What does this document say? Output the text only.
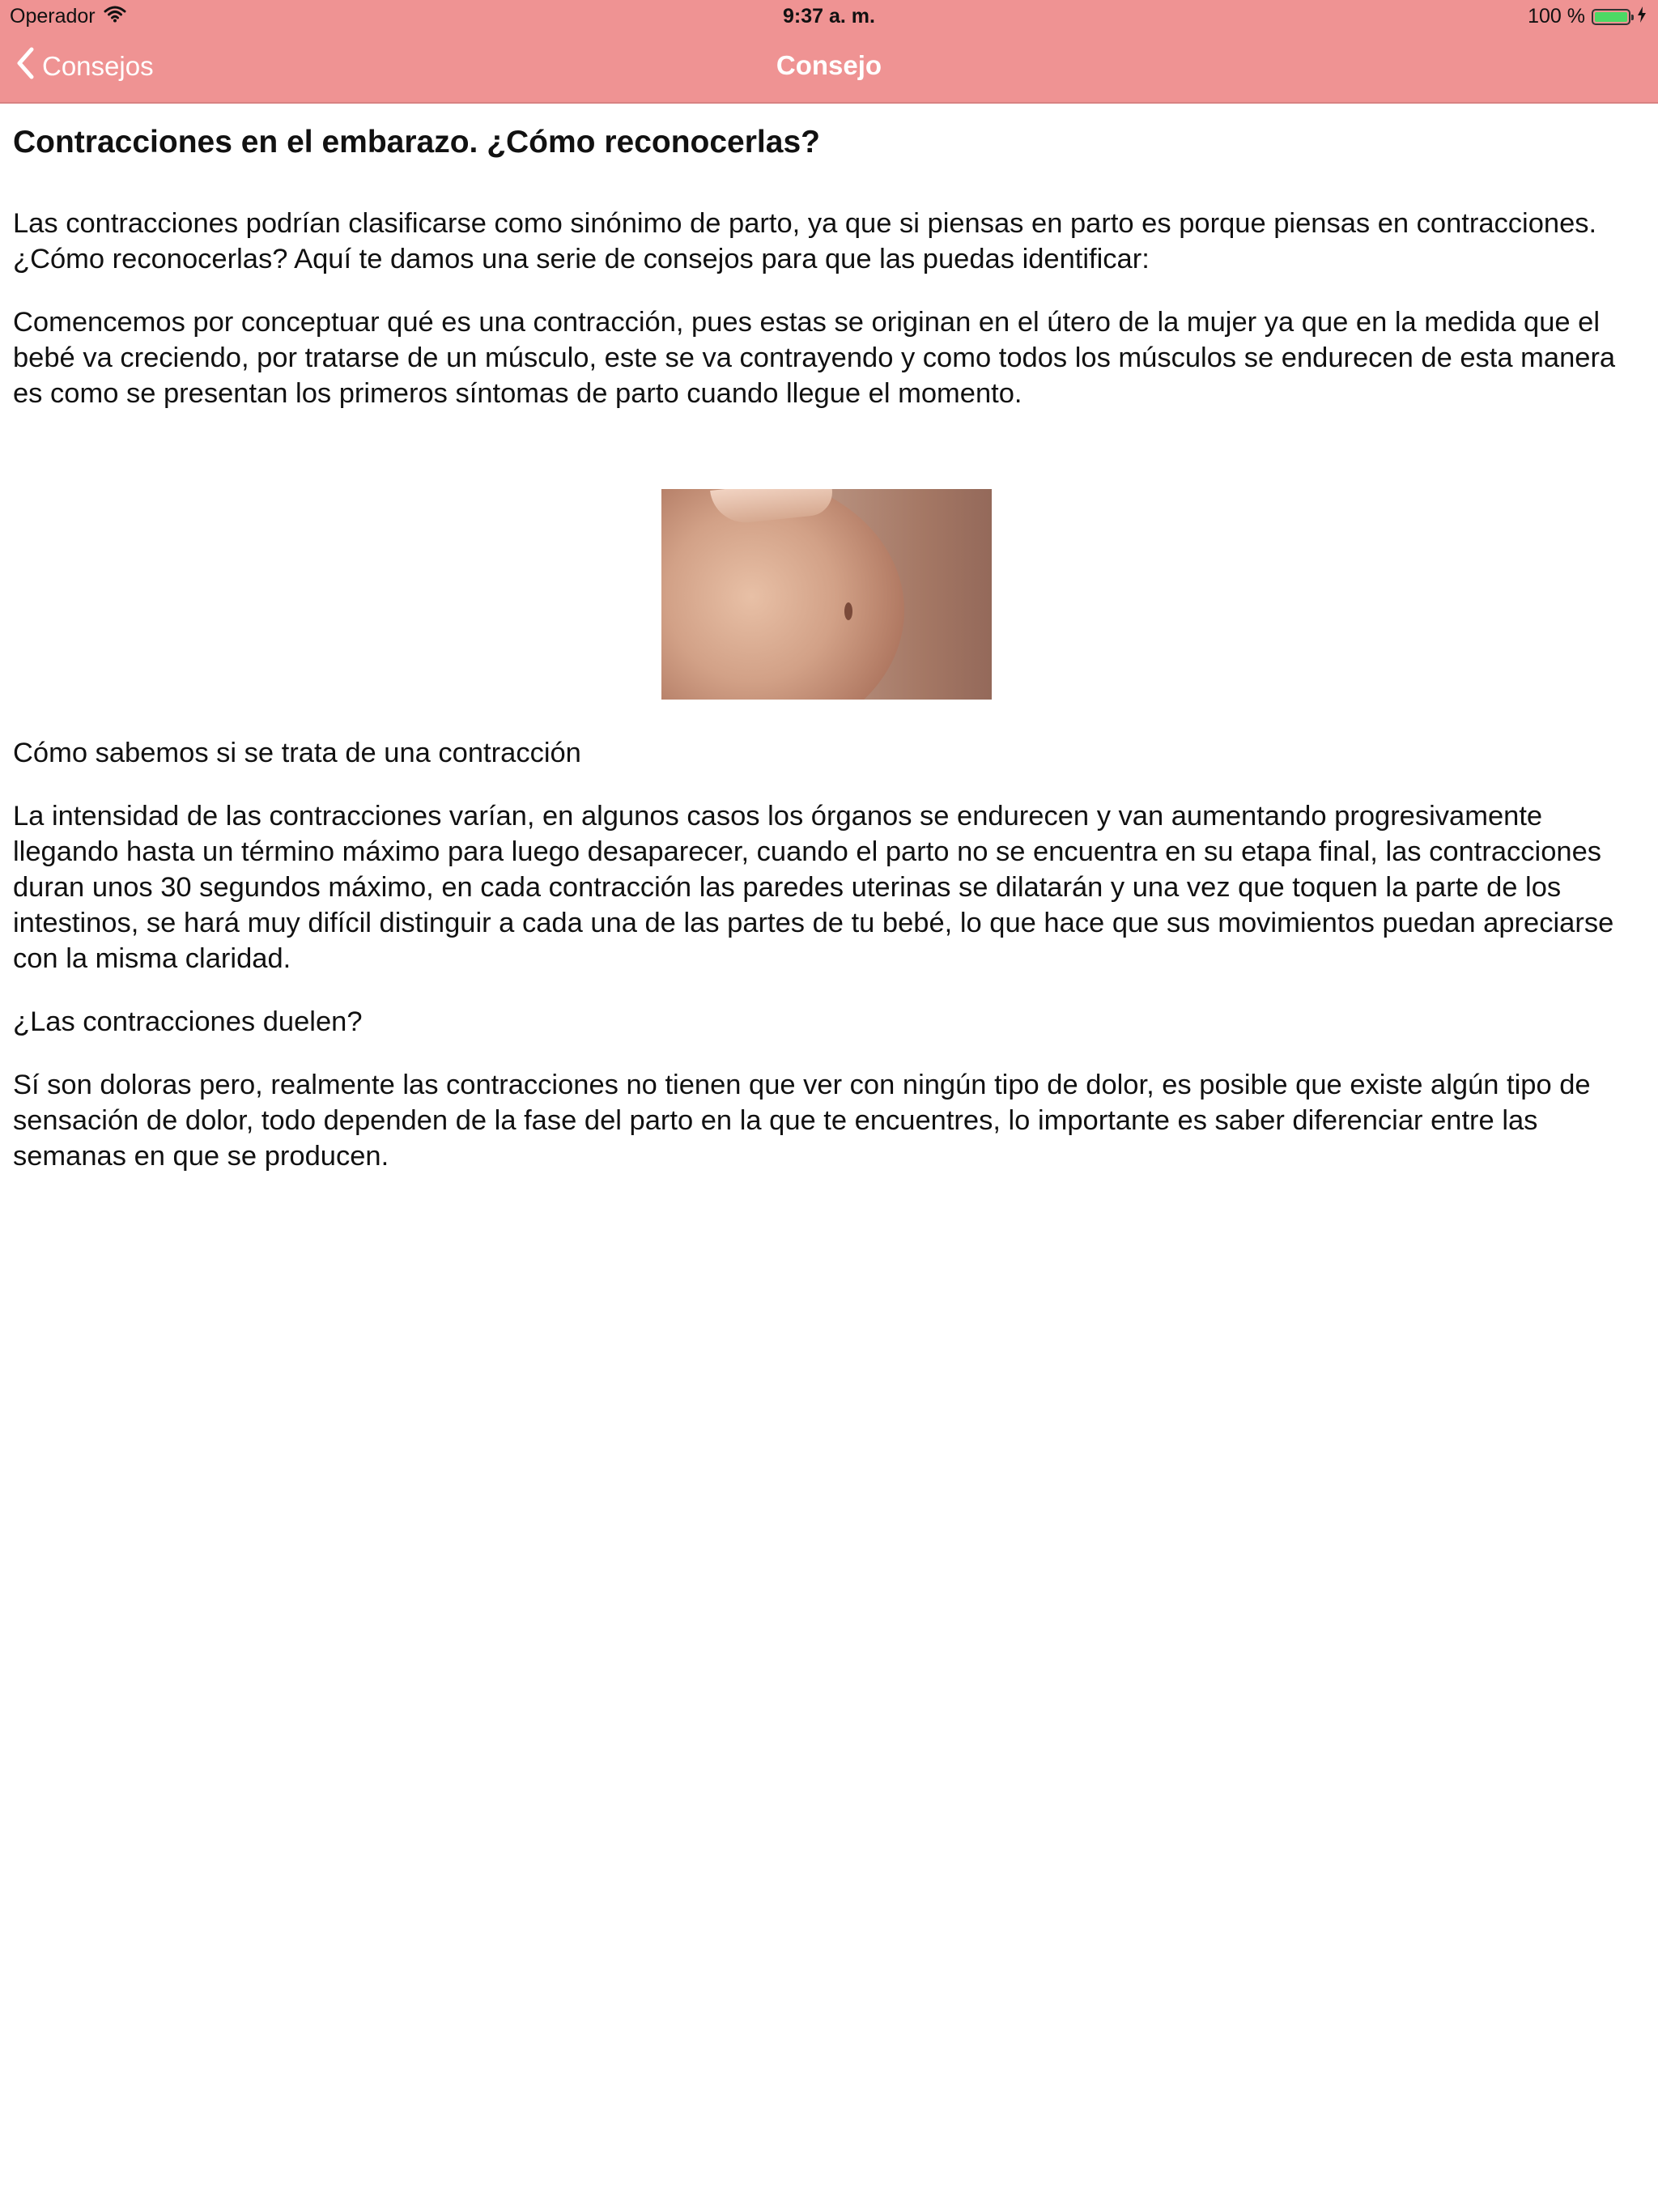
Operador	9:37 a. m.	100 %
Consejos	Consejo
Contracciones en el embarazo. ¿Cómo reconocerlas?

Las contracciones podrían clasificarse como sinónimo de parto, ya que si piensas en parto es porque piensas en contracciones. ¿Cómo reconocerlas? Aquí te damos una serie de consejos para que las puedas identificar:

Comencemos por conceptuar qué es una contracción, pues estas se originan en el útero de la mujer ya que en la medida que el bebé va creciendo, por tratarse de un músculo, este se va contrayendo y como todos los músculos se endurecen de esta manera es como se presentan los primeros síntomas de parto cuando llegue el momento.

Cómo sabemos si se trata de una contracción

La intensidad de las contracciones varían, en algunos casos los órganos se endurecen y van aumentando progresivamente llegando hasta un término máximo para luego desaparecer, cuando el parto no se encuentra en su etapa final, las contracciones duran unos 30 segundos máximo, en cada contracción las paredes uterinas se dilatarán y una vez que toquen la parte de los intestinos, se hará muy difícil distinguir a cada una de las partes de tu bebé, lo que hace que sus movimientos puedan apreciarse con la misma claridad.

¿Las contracciones duelen?

Sí son doloras pero, realmente las contracciones no tienen que ver con ningún tipo de dolor, es posible que existe algún tipo de sensación de dolor, todo dependen de la fase del parto en la que te encuentres, lo importante es saber diferenciar entre las semanas en que se producen.
